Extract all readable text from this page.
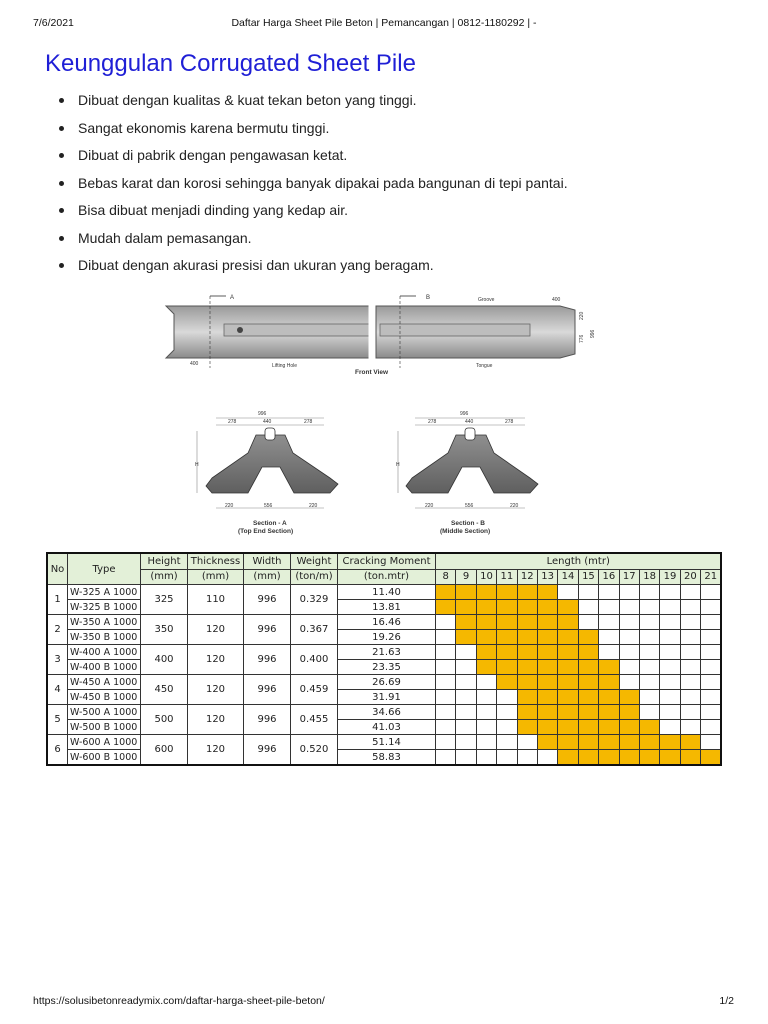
7/6/2021	Daftar Harga Sheet Pile Beton | Pemancangan | 0812-1180292 | -
Keunggulan Corrugated Sheet Pile
Dibuat dengan kualitas & kuat tekan beton yang tinggi.
Sangat ekonomis karena bermutu tinggi.
Dibuat di pabrik dengan pengawasan ketat.
Bebas karat dan korosi sehingga banyak dipakai pada bangunan di tepi pantai.
Bisa dibuat menjadi dinding yang kedap air.
Mudah dalam pemasangan.
Dibuat dengan akurasi presisi dan ukuran yang beragam.
A	B	Groove	400
Tongue
Lifting Hole
400
220
776
996
Front View
996
278	440	278
H
220	556	220
Section - A
(Top End Section)
996
278	440	278
H
220	556	220
Section - B
(Middle Section)
No	Type	Height	Thickness	Width	Weight	Cracking Moment	Length (mtr)													
		(mm)	(mm)	(mm)	(ton/m)	(ton.mtr)	8	9	10	11	12	13	14	15	16	17	18	19	20	21
1	W-325 A 1000	325	110	996	0.329	11.40														
	W-325 B 1000					13.81														
2	W-350 A 1000	350	120	996	0.367	16.46														
	W-350 B 1000					19.26														
3	W-400 A 1000	400	120	996	0.400	21.63														
	W-400 B 1000					23.35														
4	W-450 A 1000	450	120	996	0.459	26.69														
	W-450 B 1000					31.91														
5	W-500 A 1000	500	120	996	0.455	34.66														
	W-500 B 1000					41.03														
6	W-600 A 1000	600	120	996	0.520	51.14														
	W-600 B 1000					58.83														
https://solusibetonreadymix.com/daftar-harga-sheet-pile-beton/	1/2
